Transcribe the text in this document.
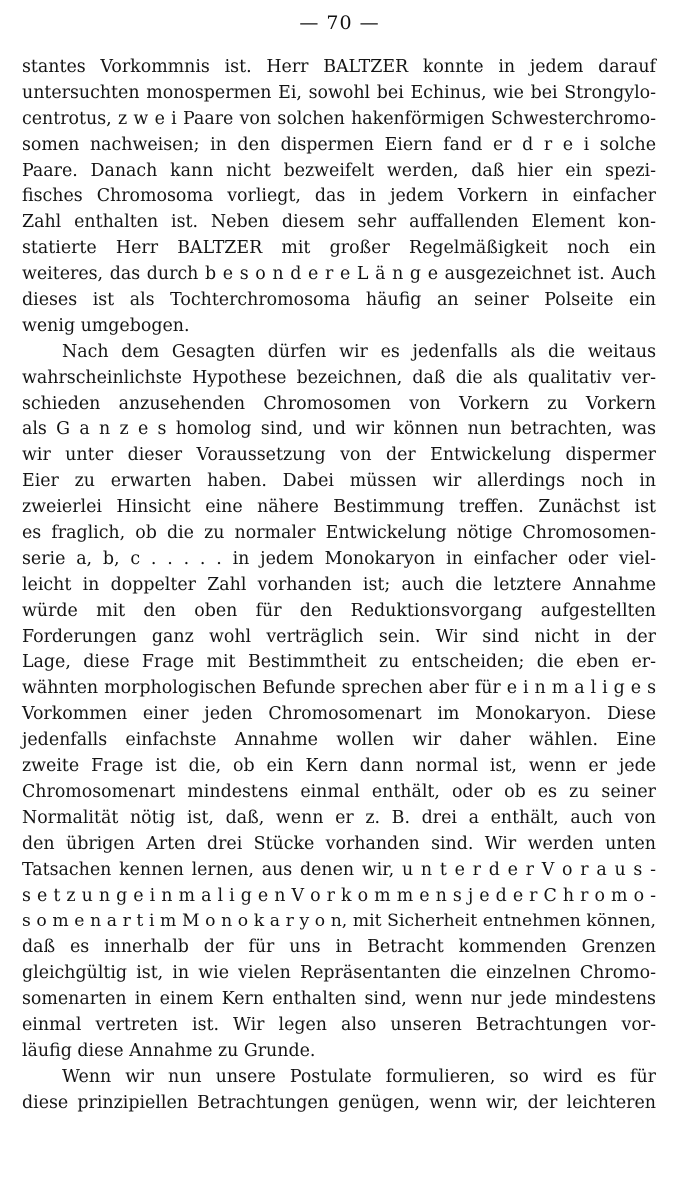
— 70 —
stantes Vorkommnis ist. Herr BALTZER konnte in jedem darauf
untersuchten monospermen Ei, sowohl bei Echinus, wie bei Strongylo-
centrotus, z w e i Paare von solchen hakenförmigen Schwesterchromo-
somen nachweisen; in den dispermen Eiern fand er d r e i solche
Paare. Danach kann nicht bezweifelt werden, daß hier ein spezi-
fisches Chromosoma vorliegt, das in jedem Vorkern in einfacher
Zahl enthalten ist. Neben diesem sehr auffallenden Element kon-
statierte Herr BALTZER mit großer Regelmäßigkeit noch ein
weiteres, das durch b e s o n d e r e L ä n g e ausgezeichnet ist. Auch
dieses ist als Tochterchromosoma häufig an seiner Polseite ein
wenig umgebogen.
Nach dem Gesagten dürfen wir es jedenfalls als die weitaus
wahrscheinlichste Hypothese bezeichnen, daß die als qualitativ ver-
schieden anzusehenden Chromosomen von Vorkern zu Vorkern
als G a n z e s homolog sind, und wir können nun betrachten, was
wir unter dieser Voraussetzung von der Entwickelung dispermer
Eier zu erwarten haben. Dabei müssen wir allerdings noch in
zweierlei Hinsicht eine nähere Bestimmung treffen. Zunächst ist
es fraglich, ob die zu normaler Entwickelung nötige Chromosomen-
serie a, b, c . . . . . in jedem Monokaryon in einfacher oder viel-
leicht in doppelter Zahl vorhanden ist; auch die letztere Annahme
würde mit den oben für den Reduktionsvorgang aufgestellten
Forderungen ganz wohl verträglich sein. Wir sind nicht in der
Lage, diese Frage mit Bestimmtheit zu entscheiden; die eben er-
wähnten morphologischen Befunde sprechen aber für e i n m a l i g e s
Vorkommen einer jeden Chromosomenart im Monokaryon. Diese
jedenfalls einfachste Annahme wollen wir daher wählen. Eine
zweite Frage ist die, ob ein Kern dann normal ist, wenn er jede
Chromosomenart mindestens einmal enthält, oder ob es zu seiner
Normalität nötig ist, daß, wenn er z. B. drei a enthält, auch von
den übrigen Arten drei Stücke vorhanden sind. Wir werden unten
Tatsachen kennen lernen, aus denen wir, u n t e r d e r V o r a u s -
s e t z u n g e i n m a l i g e n V o r k o m m e n s j e d e r C h r o m o -
s o m e n a r t i m M o n o k a r y o n, mit Sicherheit entnehmen können,
daß es innerhalb der für uns in Betracht kommenden Grenzen
gleichgültig ist, in wie vielen Repräsentanten die einzelnen Chromo-
somenarten in einem Kern enthalten sind, wenn nur jede mindestens
einmal vertreten ist. Wir legen also unseren Betrachtungen vor-
läufig diese Annahme zu Grunde.
Wenn wir nun unsere Postulate formulieren, so wird es für
diese prinzipiellen Betrachtungen genügen, wenn wir, der leichteren
